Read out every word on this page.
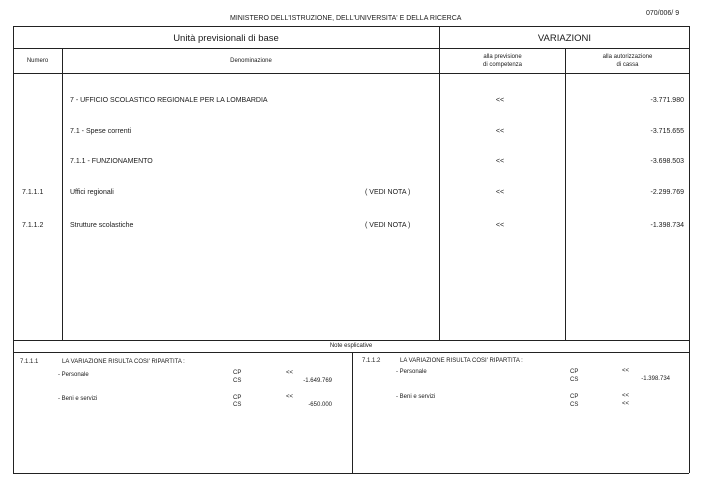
MINISTERO DELL'ISTRUZIONE, DELL'UNIVERSITA' E DELLA RICERCA
070/006/ 9
Unità previsionali di base	VARIAZIONI
Numero	Denominazione
alla previsione
di competenza
alla autorizzazione
di cassa
7 - UFFICIO SCOLASTICO REGIONALE PER LA LOMBARDIA	<<	-3.771.980
7.1 - Spese correnti	<<	-3.715.655
7.1.1 - FUNZIONAMENTO	<<	-3.698.503
7.1.1.1	Uffici regionali	( VEDI NOTA )	<<	-2.299.769
7.1.1.2	Strutture scolastiche	( VEDI NOTA )	<<	-1.398.734
Note esplicative
7.1.1.1	LA VARIAZIONE RISULTA COSI' RIPARTITA :
- Personale	CP	<<
CS	-1.649.769
- Beni e servizi	CP	<<
CS	-650.000
7.1.1.2	LA VARIAZIONE RISULTA COSI' RIPARTITA :
- Personale	CP	<<
CS	-1.398.734
- Beni e servizi	CP	<<
CS	<<
